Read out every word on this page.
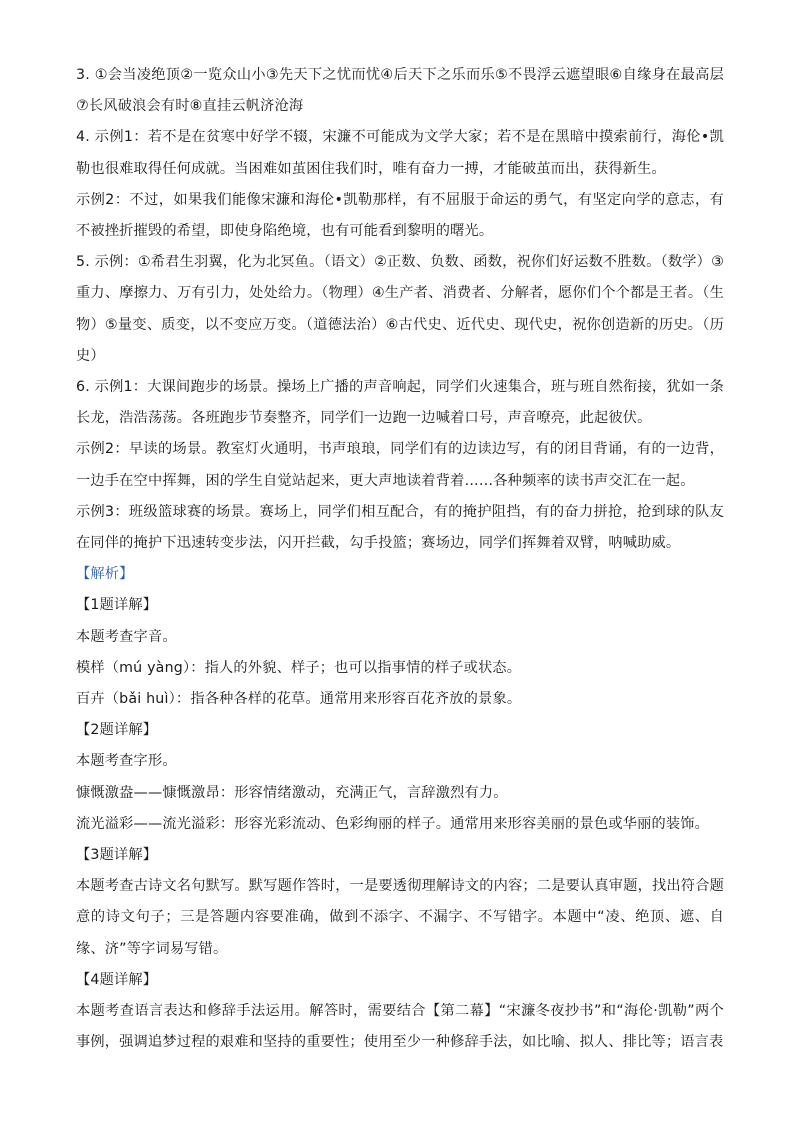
3. ①会当凌绝顶②一览众山小③先天下之忧而忧④后天下之乐而乐⑤不畏浮云遮望眼⑥自缘身在最高层⑦长风破浪会有时⑧直挂云帆济沧海

4. 示例1：若不是在贫寒中好学不辍，宋濂不可能成为文学大家；若不是在黑暗中摸索前行，海伦•凯勒也很难取得任何成就。当困难如茧困住我们时，唯有奋力一搏，才能破茧而出，获得新生。

示例2：不过，如果我们能像宋濂和海伦•凯勒那样，有不屈服于命运的勇气，有坚定向学的意志，有不被挫折摧毁的希望，即使身陷绝境，也有可能看到黎明的曙光。

5. 示例：①希君生羽翼，化为北冥鱼。（语文）②正数、负数、函数，祝你们好运数不胜数。（数学）③重力、摩擦力、万有引力，处处给力。（物理）④生产者、消费者、分解者，愿你们个个都是王者。（生物）⑤量变、质变，以不变应万变。（道德法治）⑥古代史、近代史、现代史，祝你创造新的历史。（历史）

6. 示例1：大课间跑步的场景。操场上广播的声音响起，同学们火速集合，班与班自然衔接，犹如一条长龙，浩浩荡荡。各班跑步节奏整齐，同学们一边跑一边喊着口号，声音嘹亮，此起彼伏。

示例2：早读的场景。教室灯火通明，书声琅琅，同学们有的边读边写，有的闭目背诵，有的一边背，一边手在空中挥舞，困的学生自觉站起来，更大声地读着背着……各种频率的读书声交汇在一起。

示例3：班级篮球赛的场景。赛场上，同学们相互配合，有的掩护阻挡，有的奋力拼抢，抢到球的队友在同伴的掩护下迅速转变步法，闪开拦截，勾手投篮；赛场边，同学们挥舞着双臂，呐喊助威。

【解析】

【1题详解】

本题考查字音。

模样（mú yàng）：指人的外貌、样子；也可以指事情的样子或状态。

百卉（bǎi huì）：指各种各样的花草。通常用来形容百花齐放的景象。

【2题详解】

本题考查字形。

慷慨激盎——慷慨激昂：形容情绪激动，充满正气，言辞激烈有力。

流光溢彩——流光溢彩：形容光彩流动、色彩绚丽的样子。通常用来形容美丽的景色或华丽的装饰。

【3题详解】

本题考查古诗文名句默写。默写题作答时，一是要透彻理解诗文的内容；二是要认真审题，找出符合题意的诗文句子；三是答题内容要准确，做到不添字、不漏字、不写错字。本题中“凌、绝顶、遮、自缘、济”等字词易写错。

【4题详解】

本题考查语言表达和修辞手法运用。解答时，需要结合【第二幕】“宋濂冬夜抄书”和“海伦·凯勒”两个事例，强调追梦过程的艰难和坚持的重要性；使用至少一种修辞手法，如比喻、拟人、排比等；语言表
